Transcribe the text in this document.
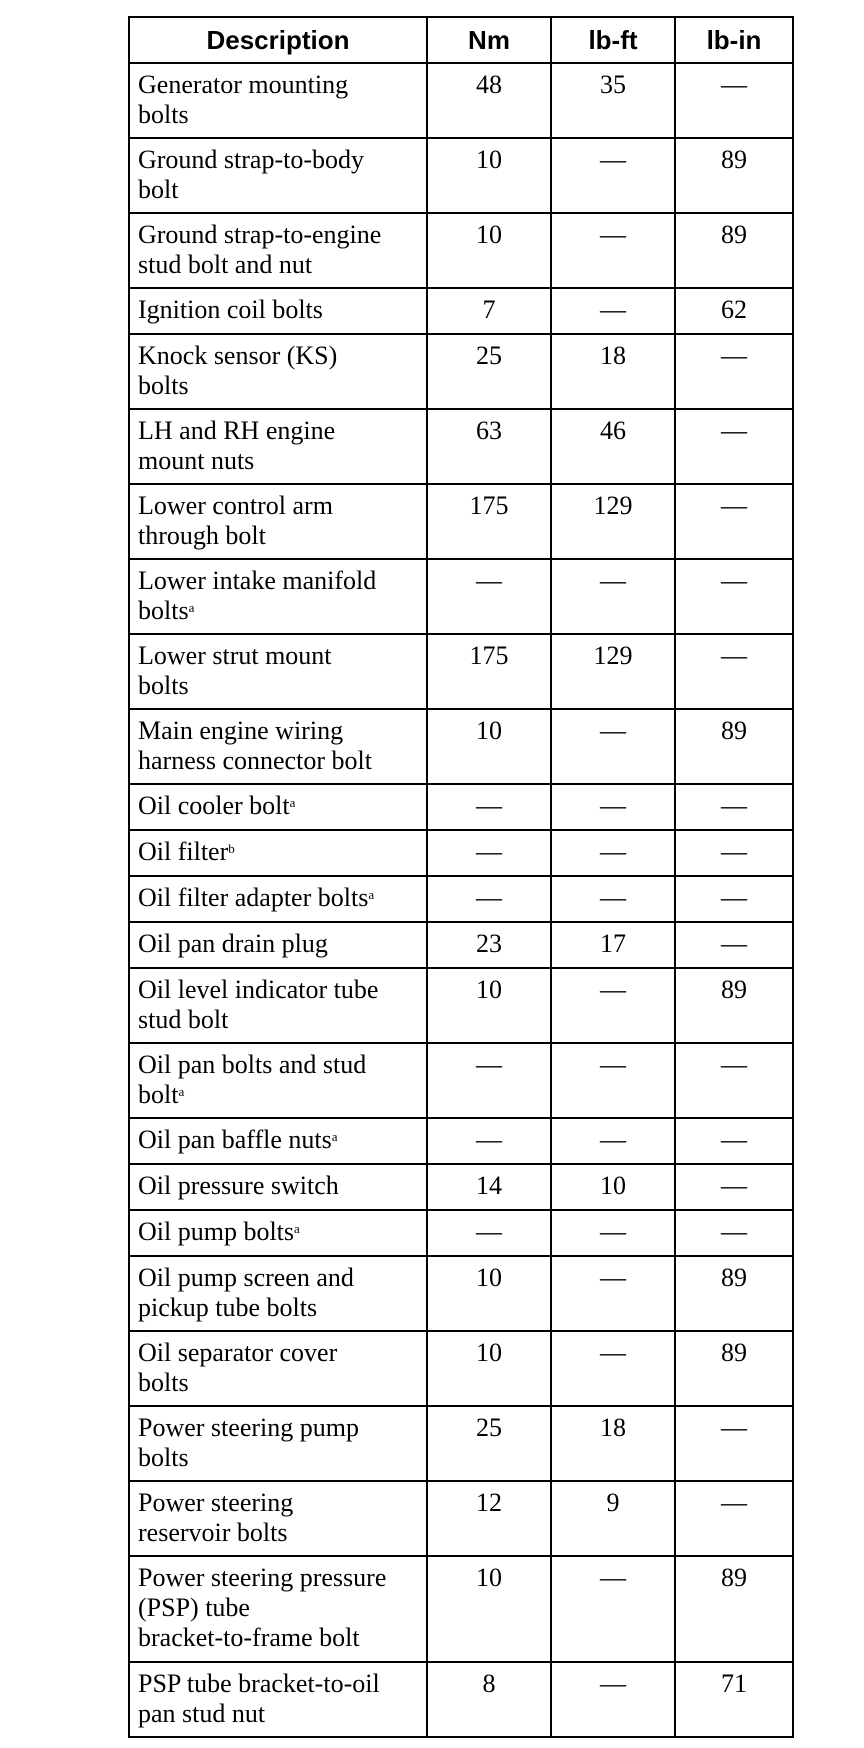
Description	Nm	lb-ft	lb-in
Generator mounting
bolts	48	35	—
Ground strap-to-body
bolt	10	—	89
Ground strap-to-engine
stud bolt and nut	10	—	89
Ignition coil bolts	7	—	62
Knock sensor (KS)
bolts	25	18	—
LH and RH engine
mount nuts	63	46	—
Lower control arm
through bolt	175	129	—
Lower intake manifold
bolts$^a$	—	—	—
Lower strut mount
bolts	175	129	—
Main engine wiring
harness connector bolt	10	—	89
Oil cooler bolt$^a$	—	—	—
Oil filter$^b$	—	—	—
Oil filter adapter bolts$^a$	—	—	—
Oil pan drain plug	23	17	—
Oil level indicator tube
stud bolt	10	—	89
Oil pan bolts and stud
bolt$^a$	—	—	—
Oil pan baffle nuts$^a$	—	—	—
Oil pressure switch	14	10	—
Oil pump bolts$^a$	—	—	—
Oil pump screen and
pickup tube bolts	10	—	89
Oil separator cover
bolts	10	—	89
Power steering pump
bolts	25	18	—
Power steering
reservoir bolts	12	9	—
Power steering pressure
(PSP) tube
bracket-to-frame bolt	10	—	89
PSP tube bracket-to-oil
pan stud nut	8	—	71
